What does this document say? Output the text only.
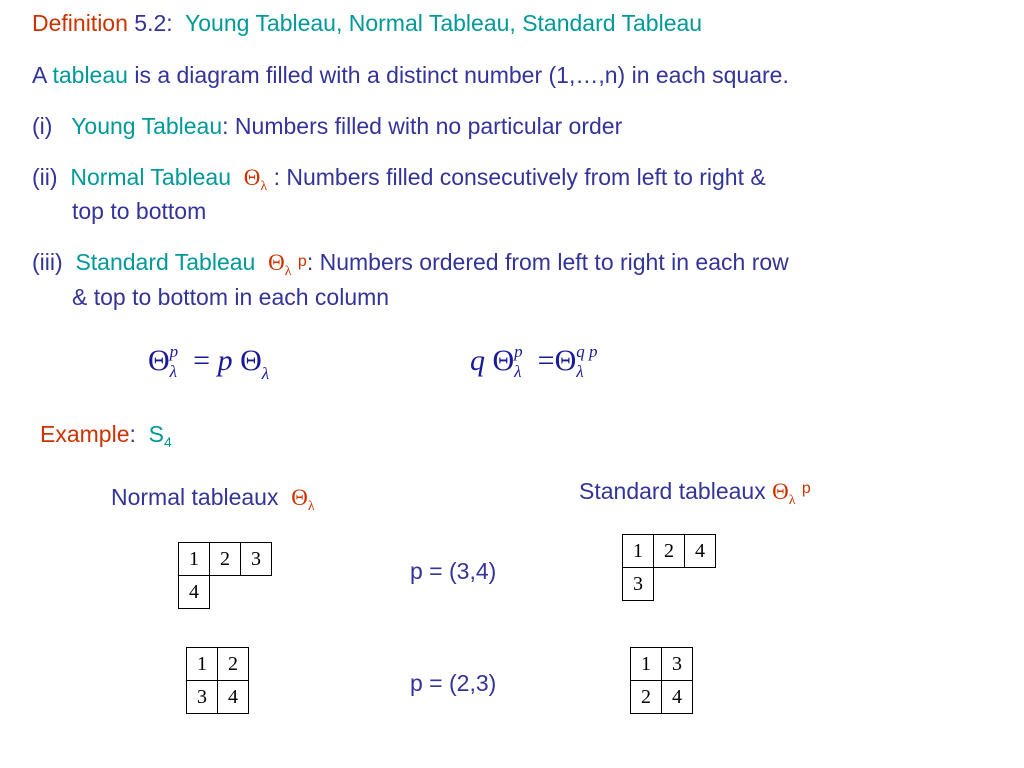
Definition 5.2: Young Tableau, Normal Tableau, Standard Tableau
A tableau is a diagram filled with a distinct number (1,…,n) in each square.
(i) Young Tableau: Numbers filled with no particular order
(ii) Normal Tableau $\Theta_\lambda$ : Numbers filled consecutively from left to right &
top to bottom
(iii) Standard Tableau $\Theta_\lambda$ p: Numbers ordered from left to right in each row
& top to bottom in each column
Θ p
λ = p $\Theta_\lambda$	q Θ p
λ =Θ q p
λ
Example: $S_4$
Normal tableaux $\Theta_\lambda$
Standard tableaux $\Theta_\lambda$ $^p$
1	2	3
4		
1	2	4
3		
p = (3,4)
p = (2,3)
1	2
3	4
1	3
2	4
